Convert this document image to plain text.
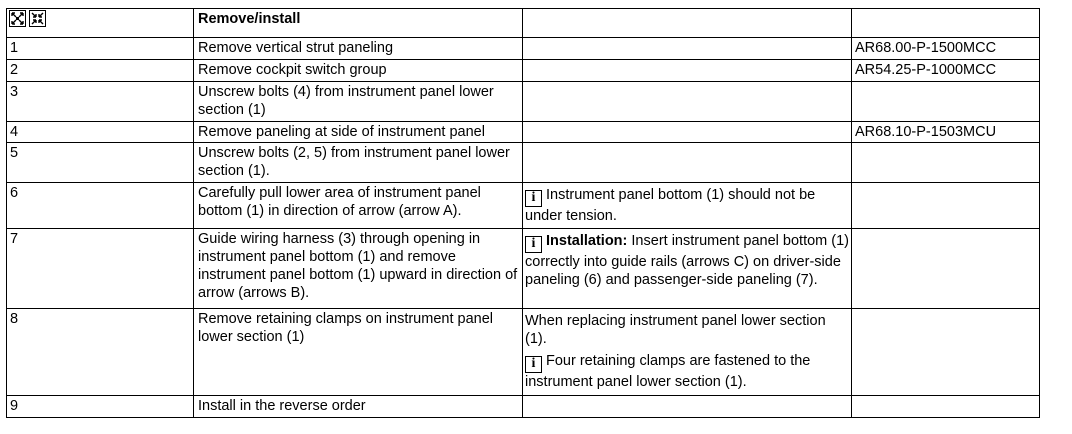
	Remove/install		
1	Remove vertical strut paneling		AR68.00-P-1500MCC
2	Remove cockpit switch group		AR54.25-P-1000MCC
3	Unscrew bolts (4) from instrument panel lower section (1)		
4	Remove paneling at side of instrument panel		AR68.10-P-1503MCU
5	Unscrew bolts (2, 5) from instrument panel lower section (1).		
6	Carefully pull lower area of instrument panel bottom (1) in direction of arrow (arrow A).	i Instrument panel bottom (1) should not be under tension.	

7	Guide wiring harness (3) through opening in instrument panel bottom (1) and remove instrument panel bottom (1) upward in direction of arrow (arrows B).	i Installation: Insert instrument panel bottom (1) correctly into guide rails (arrows C) on driver-side paneling (6) and passenger-side paneling (7).	

8	Remove retaining clamps on instrument panel lower section (1)	When replacing instrument panel lower section (1).

i Four retaining clamps are fastened to the instrument panel lower section (1).	

9	Install in the reverse order		
